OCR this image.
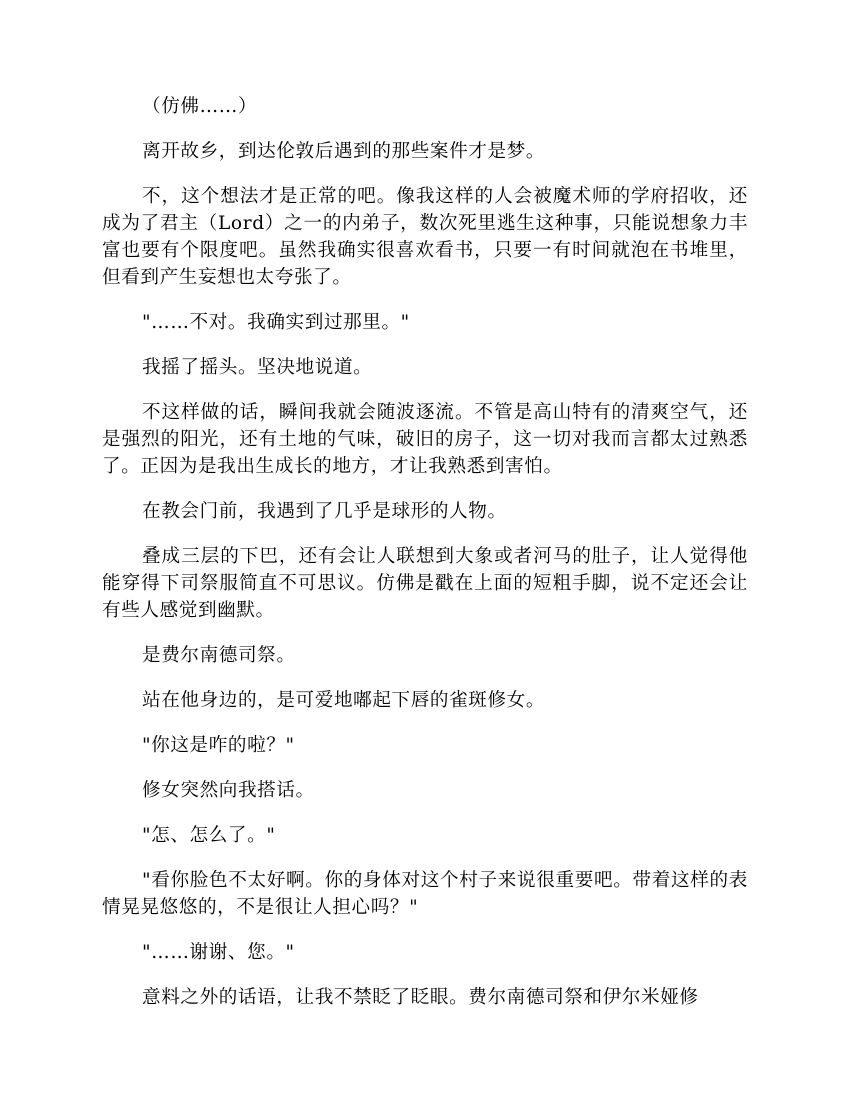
（仿佛……）

离开故乡，到达伦敦后遇到的那些案件才是梦。

不，这个想法才是正常的吧。像我这样的人会被魔术师的学府招收，还成为了君主（Lord）之一的内弟子，数次死里逃生这种事，只能说想象力丰富也要有个限度吧。虽然我确实很喜欢看书，只要一有时间就泡在书堆里，但看到产生妄想也太夸张了。

"……不对。我确实到过那里。"

我摇了摇头。坚决地说道。

不这样做的话，瞬间我就会随波逐流。不管是高山特有的清爽空气，还是强烈的阳光，还有土地的气味，破旧的房子，这一切对我而言都太过熟悉了。正因为是我出生成长的地方，才让我熟悉到害怕。

在教会门前，我遇到了几乎是球形的人物。

叠成三层的下巴，还有会让人联想到大象或者河马的肚子，让人觉得他能穿得下司祭服简直不可思议。仿佛是戳在上面的短粗手脚，说不定还会让有些人感觉到幽默。

是费尔南德司祭。

站在他身边的，是可爱地嘟起下唇的雀斑修女。

"你这是咋的啦？"

修女突然向我搭话。

"怎、怎么了。"

"看你脸色不太好啊。你的身体对这个村子来说很重要吧。带着这样的表情晃晃悠悠的，不是很让人担心吗？"

"……谢谢、您。"

意料之外的话语，让我不禁眨了眨眼。费尔南德司祭和伊尔米娅修
